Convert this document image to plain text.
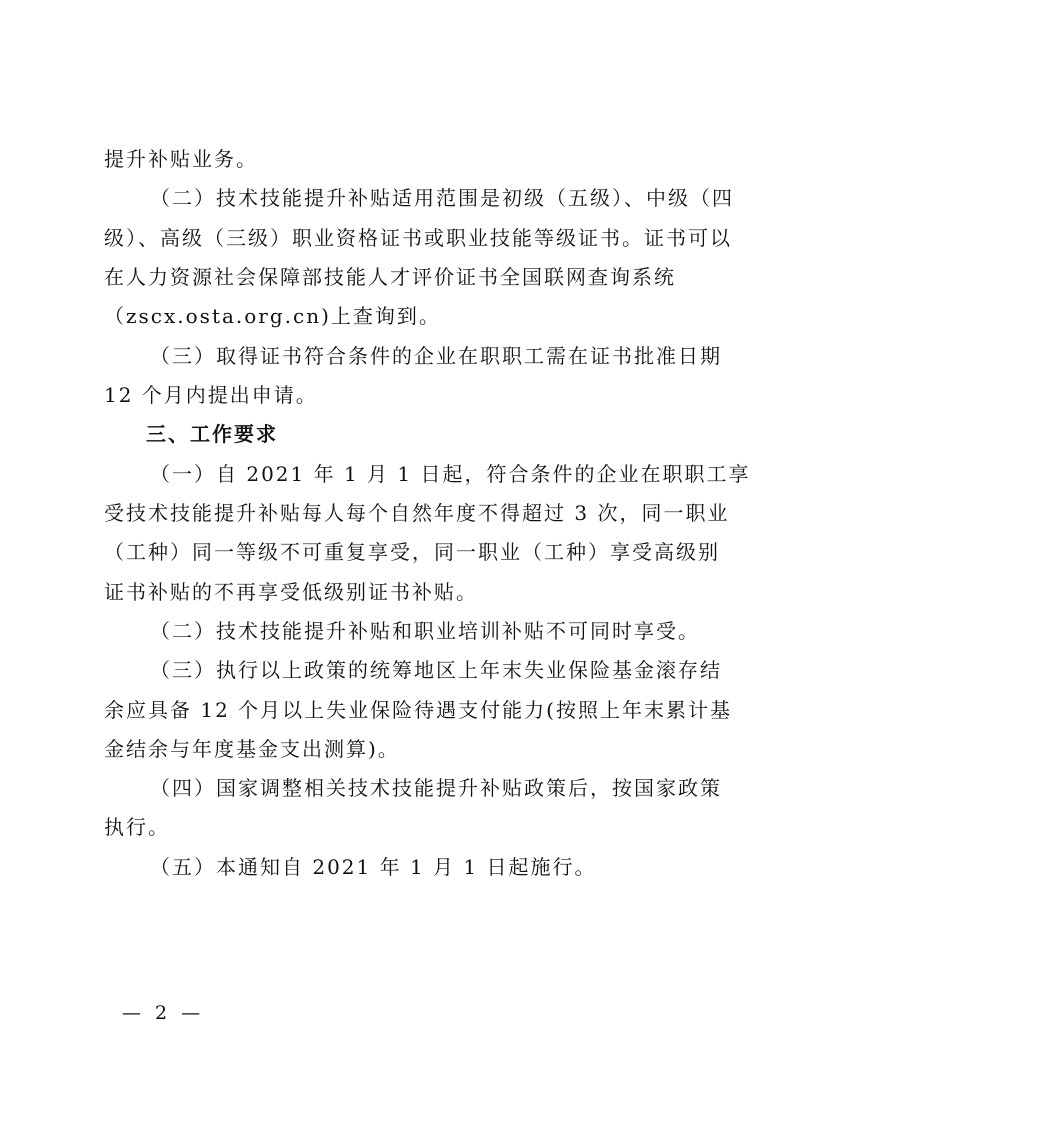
提升补贴业务。
（二）技术技能提升补贴适用范围是初级（五级）、中级（四
级）、高级（三级）职业资格证书或职业技能等级证书。证书可以
在人力资源社会保障部技能人才评价证书全国联网查询系统
（zscx.osta.org.cn)上查询到。
（三）取得证书符合条件的企业在职职工需在证书批准日期
12 个月内提出申请。
三、工作要求
（一）自 2021 年 1 月 1 日起，符合条件的企业在职职工享
受技术技能提升补贴每人每个自然年度不得超过 3 次，同一职业
（工种）同一等级不可重复享受，同一职业（工种）享受高级别
证书补贴的不再享受低级别证书补贴。
（二）技术技能提升补贴和职业培训补贴不可同时享受。
（三）执行以上政策的统筹地区上年末失业保险基金滚存结
余应具备 12 个月以上失业保险待遇支付能力(按照上年末累计基
金结余与年度基金支出测算)。
（四）国家调整相关技术技能提升补贴政策后，按国家政策
执行。
（五）本通知自 2021 年 1 月 1 日起施行。
— 2 —
